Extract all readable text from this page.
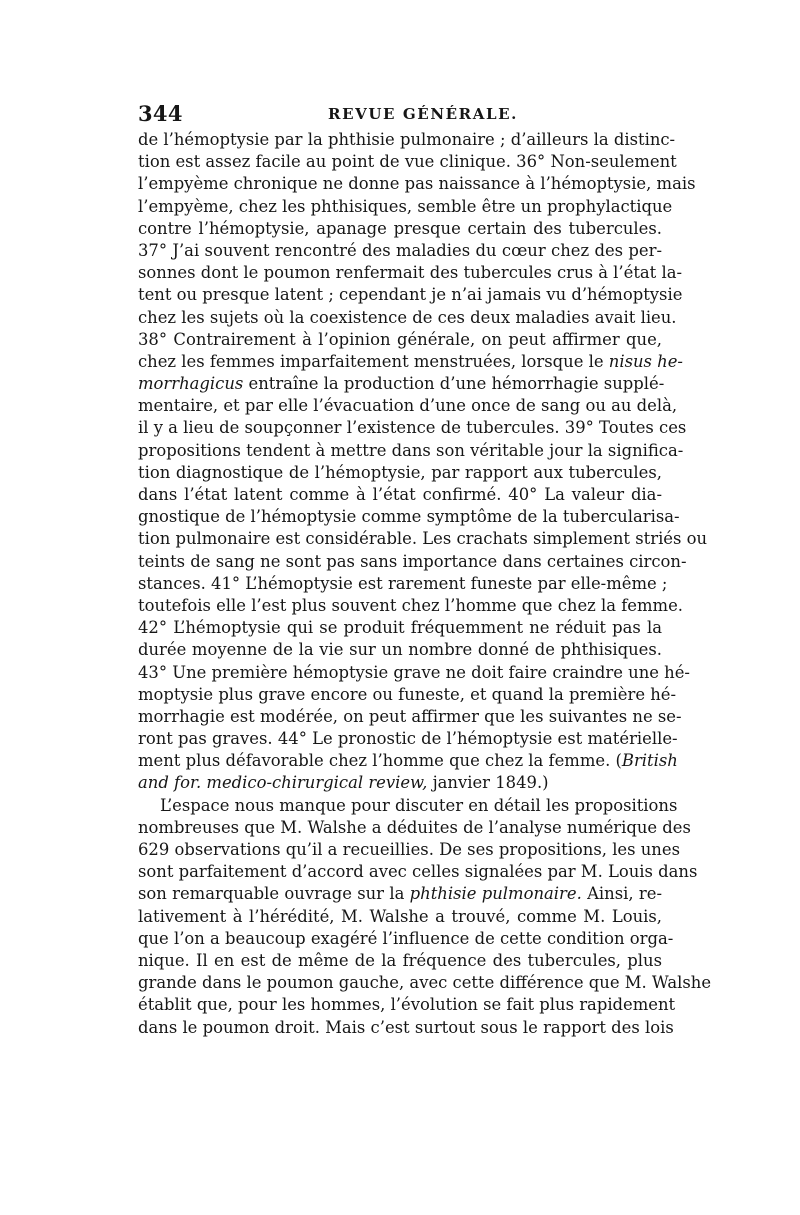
344	REVUE GÉNÉRALE.
de l’hémoptysie par la phthisie pulmonaire ; d’ailleurs la distinc-
tion est assez facile au point de vue clinique. 36° Non-seulement
l’empyème chronique ne donne pas naissance à l’hémoptysie, mais
l’empyème, chez les phthisiques, semble être un prophylactique
contre l’hémoptysie, apanage presque certain des tubercules.
37° J’ai souvent rencontré des maladies du cœur chez des per-
sonnes dont le poumon renfermait des tubercules crus à l’état la-
tent ou presque latent ; cependant je n’ai jamais vu d’hémoptysie
chez les sujets où la coexistence de ces deux maladies avait lieu.
38° Contrairement à l’opinion générale, on peut affirmer que,
chez les femmes imparfaitement menstruées, lorsque le nisus he-
morrhagicus entraîne la production d’une hémorrhagie supplé-
mentaire, et par elle l’évacuation d’une once de sang ou au delà,
il y a lieu de soupçonner l’existence de tubercules. 39° Toutes ces
propositions tendent à mettre dans son véritable jour la significa-
tion diagnostique de l’hémoptysie, par rapport aux tubercules,
dans l’état latent comme à l’état confirmé. 40° La valeur dia-
gnostique de l’hémoptysie comme symptôme de la tubercularisa-
tion pulmonaire est considérable. Les crachats simplement striés ou
teints de sang ne sont pas sans importance dans certaines circon-
stances. 41° L’hémoptysie est rarement funeste par elle-même ;
toutefois elle l’est plus souvent chez l’homme que chez la femme.
42° L’hémoptysie qui se produit fréquemment ne réduit pas la
durée moyenne de la vie sur un nombre donné de phthisiques.
43° Une première hémoptysie grave ne doit faire craindre une hé-
moptysie plus grave encore ou funeste, et quand la première hé-
morrhagie est modérée, on peut affirmer que les suivantes ne se-
ront pas graves. 44° Le pronostic de l’hémoptysie est matérielle-
ment plus défavorable chez l’homme que chez la femme. (British
and for. medico-chirurgical review, janvier 1849.)
L’espace nous manque pour discuter en détail les propositions
nombreuses que M. Walshe a déduites de l’analyse numérique des
629 observations qu’il a recueillies. De ses propositions, les unes
sont parfaitement d’accord avec celles signalées par M. Louis dans
son remarquable ouvrage sur la phthisie pulmonaire. Ainsi, re-
lativement à l’hérédité, M. Walshe a trouvé, comme M. Louis,
que l’on a beaucoup exagéré l’influence de cette condition orga-
nique. Il en est de même de la fréquence des tubercules, plus
grande dans le poumon gauche, avec cette différence que M. Walshe
établit que, pour les hommes, l’évolution se fait plus rapidement
dans le poumon droit. Mais c’est surtout sous le rapport des lois
